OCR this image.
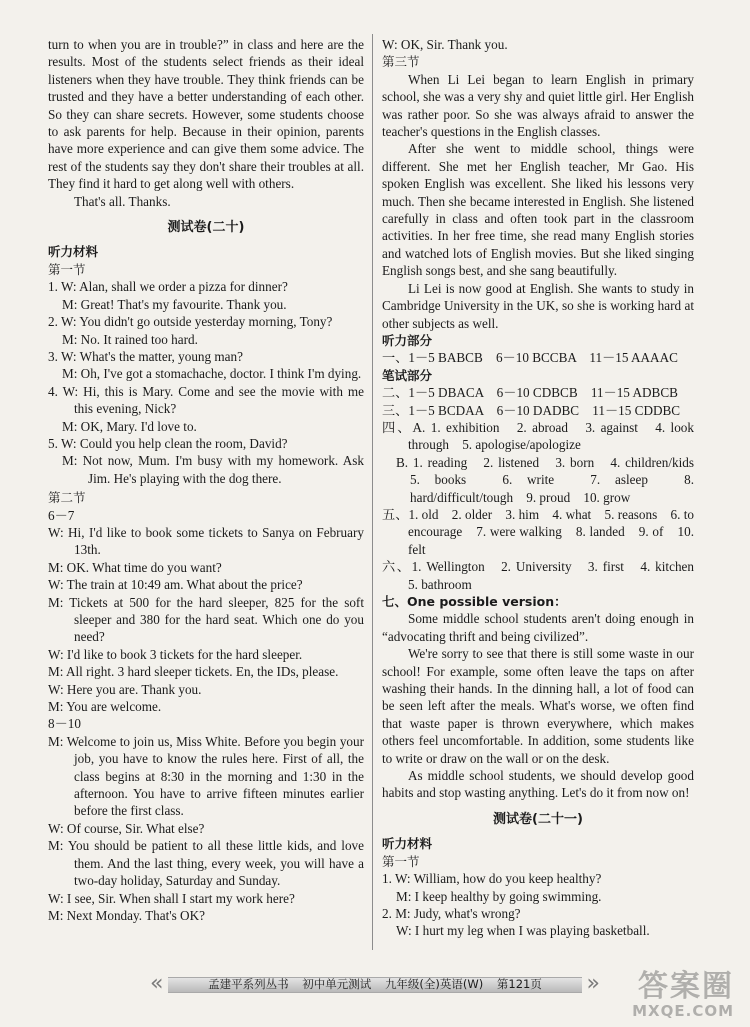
turn to when you are in trouble?” in class and here are the results. Most of the students select friends as their ideal listeners when they have trouble. They think friends can be trusted and they have a better understanding of each other. So they can share secrets. However, some students choose to ask parents for help. Because in their opinion, parents have more experience and can give them some advice. The rest of the students say they don't share their troubles at all. They find it hard to get along well with others.

That's all. Thanks.

测试卷(二十)
听力材料
第一节

1. W: Alan, shall we order a pizza for dinner?

M: Great! That's my favourite. Thank you.

2. W: You didn't go outside yesterday morning, Tony?

M: No. It rained too hard.

3. W: What's the matter, young man?

M: Oh, I've got a stomachache, doctor. I think I'm dying.

4. W: Hi, this is Mary. Come and see the movie with me this evening, Nick?

M: OK, Mary. I'd love to.

5. W: Could you help clean the room, David?

M: Not now, Mum. I'm busy with my homework. Ask Jim. He's playing with the dog there.

第二节
6－7

W: Hi, I'd like to book some tickets to Sanya on February 13th.

M: OK. What time do you want?

W: The train at 10:49 am. What about the price?

M: Tickets at 500 for the hard sleeper, 825 for the soft sleeper and 380 for the hard seat. Which one do you need?

W: I'd like to book 3 tickets for the hard sleeper.

M: All right. 3 hard sleeper tickets. En, the IDs, please.

W: Here you are. Thank you.

M: You are welcome.

8－10

M: Welcome to join us, Miss White. Before you begin your job, you have to know the rules here. First of all, the class begins at 8:30 in the morning and 1:30 in the afternoon. You have to arrive fifteen minutes earlier before the first class.

W: Of course, Sir. What else?

M: You should be patient to all these little kids, and love them. And the last thing, every week, you will have a two-day holiday, Saturday and Sunday.

W: I see, Sir. When shall I start my work here?

M: Next Monday. That's OK?

W: OK, Sir. Thank you.

第三节

When Li Lei began to learn English in primary school, she was a very shy and quiet little girl. Her English was rather poor. So she was always afraid to answer the teacher's questions in the English classes.

After she went to middle school, things were different. She met her English teacher, Mr Gao. His spoken English was excellent. She liked his lessons very much. Then she became interested in English. She listened carefully in class and often took part in the classroom activities. In her free time, she read many English stories and watched lots of English movies. But she liked singing English songs best, and she sang beautifully.

Li Lei is now good at English. She wants to study in Cambridge University in the UK, so she is working hard at other subjects as well.

听力部分

一、1－5 BABCB　6－10 BCCBA　11－15 AAAAC

笔试部分

二、1－5 DBACA　6－10 CDBCB　11－15 ADBCB

三、1－5 BCDAA　6－10 DADBC　11－15 CDDBC

四、A. 1. exhibition　2. abroad　3. against　4. look through　5. apologise/apologize

B. 1. reading　2. listened　3. born　4. children/kids　5. books　6. write　7. asleep　8. hard/difficult/tough　9. proud　10. grow

五、1. old　2. older　3. him　4. what　5. reasons　6. to encourage　7. were walking　8. landed　9. of　10. felt

六、1. Wellington　2. University　3. first　4. kitchen　5. bathroom

七、One possible version：

Some middle school students aren't doing enough in “advocating thrift and being civilized”.

We're sorry to see that there is still some waste in our school! For example, some often leave the taps on after washing their hands. In the dinning hall, a lot of food can be seen left after the meals. What's worse, we often find that waste paper is thrown everywhere, which makes others feel uncomfortable. In addition, some students like to write or draw on the wall or on the desk.

As middle school students, we should develop good habits and stop wasting anything. Let's do it from now on!

测试卷(二十一)
听力材料
第一节

1. W: William, how do you keep healthy?

M: I keep healthy by going swimming.

2. M: Judy, what's wrong?

W: I hurt my leg when I was playing basketball.

«	»
孟建平系列丛书 初中单元测试 九年级(全)英语(W) 第121页	答案圈
MXQE.COM
